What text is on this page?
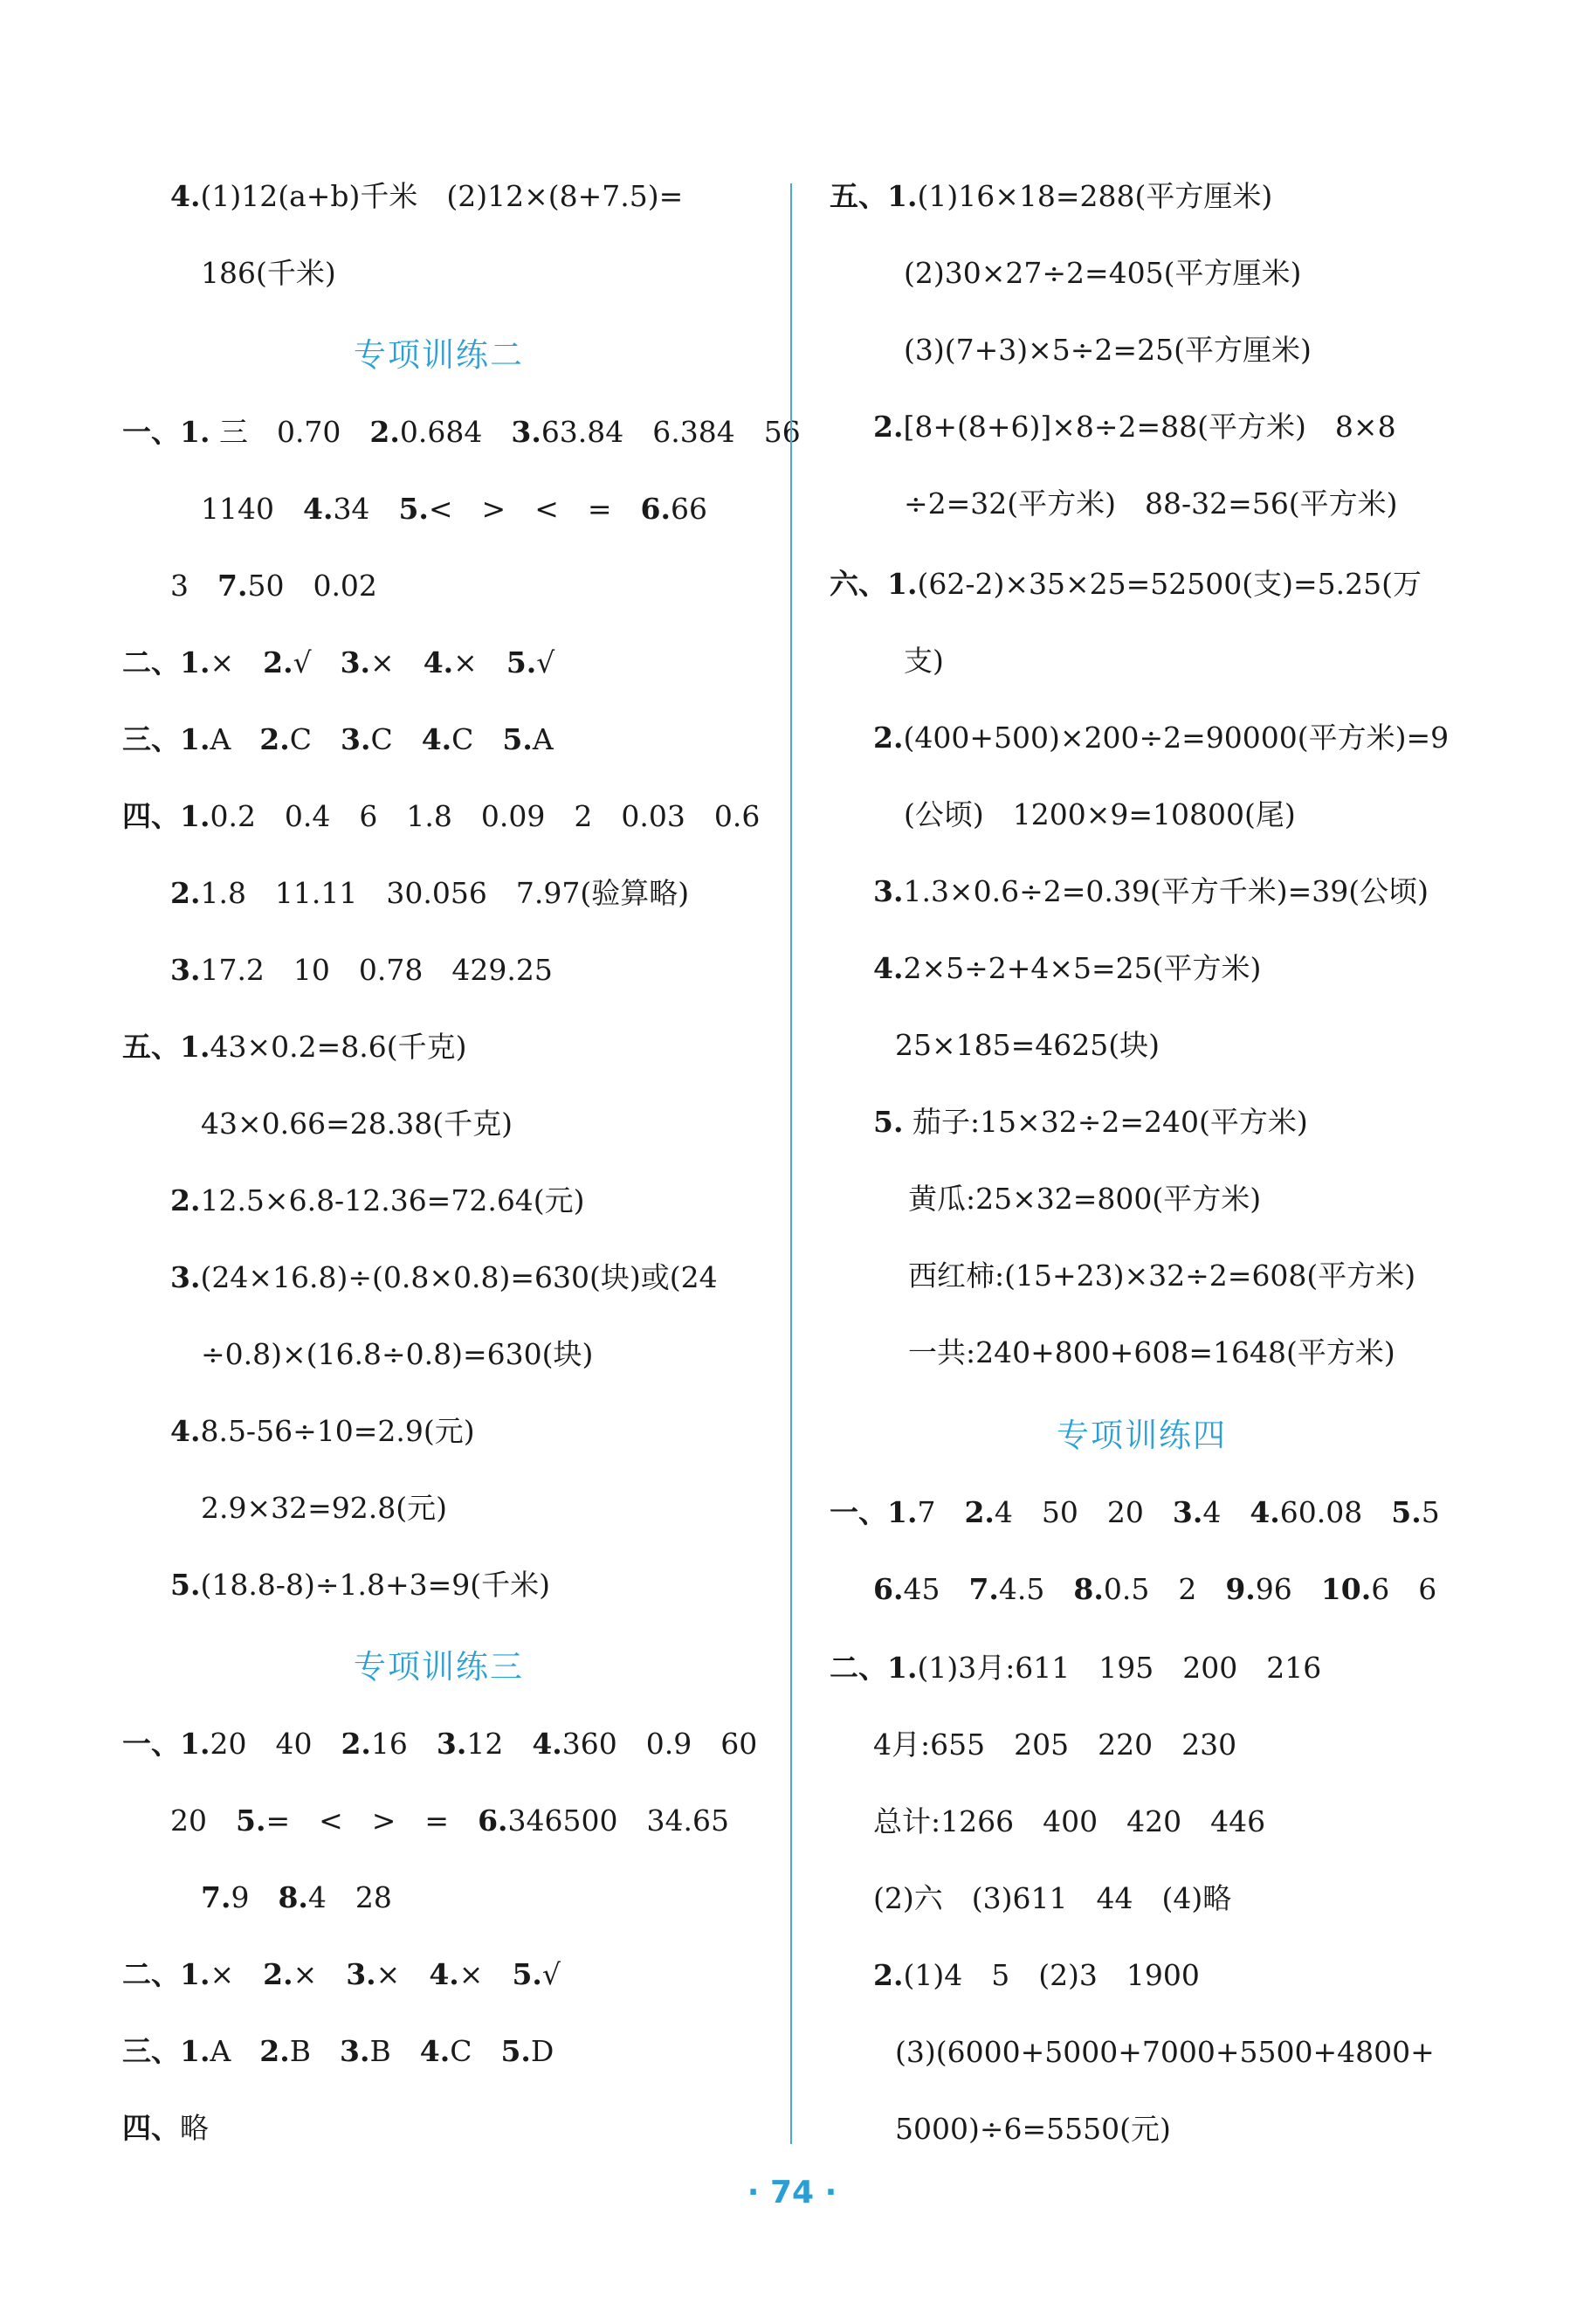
4.(1)12(a+b)千米　(2)12×(8+7.5)=
186(千米)
专项训练二
一、1. 三　0.70　2.0.684　3.63.84　6.384　56
1140　4.34　5.<　>　<　=　6.66
3　7.50　0.02
二、1.×　2.√　3.×　4.×　5.√
三、1.A　2.C　3.C　4.C　5.A
四、1.0.2　0.4　6　1.8　0.09　2　0.03　0.6
2.1.8　11.11　30.056　7.97(验算略)
3.17.2　10　0.78　429.25
五、1.43×0.2=8.6(千克)
43×0.66=28.38(千克)
2.12.5×6.8-12.36=72.64(元)
3.(24×16.8)÷(0.8×0.8)=630(块)或(24
÷0.8)×(16.8÷0.8)=630(块)
4.8.5-56÷10=2.9(元)
2.9×32=92.8(元)
5.(18.8-8)÷1.8+3=9(千米)
专项训练三
一、1.20　40　2.16　3.12　4.360　0.9　60
20　5.=　<　>　=　6.346500　34.65
7.9　8.4　28
二、1.×　2.×　3.×　4.×　5.√
三、1.A　2.B　3.B　4.C　5.D
四、略
五、1.(1)16×18=288(平方厘米)
(2)30×27÷2=405(平方厘米)
(3)(7+3)×5÷2=25(平方厘米)
2.[8+(8+6)]×8÷2=88(平方米)　8×8
÷2=32(平方米)　88-32=56(平方米)
六、1.(62-2)×35×25=52500(支)=5.25(万
支)
2.(400+500)×200÷2=90000(平方米)=9
(公顷)　1200×9=10800(尾)
3.1.3×0.6÷2=0.39(平方千米)=39(公顷)
4.2×5÷2+4×5=25(平方米)
25×185=4625(块)
5. 茄子:15×32÷2=240(平方米)
黄瓜:25×32=800(平方米)
西红柿:(15+23)×32÷2=608(平方米)
一共:240+800+608=1648(平方米)
专项训练四
一、1.7　2.4　50　20　3.4　4.60.08　5.5
6.45　7.4.5　8.0.5　2　9.96　10.6　6
二、1.(1)3月:611　195　200　216
4月:655　205　220　230
总计:1266　400　420　446
(2)六　(3)611　44　(4)略
2.(1)4　5　(2)3　1900
(3)(6000+5000+7000+5500+4800+
5000)÷6=5550(元)
· 74 ·
